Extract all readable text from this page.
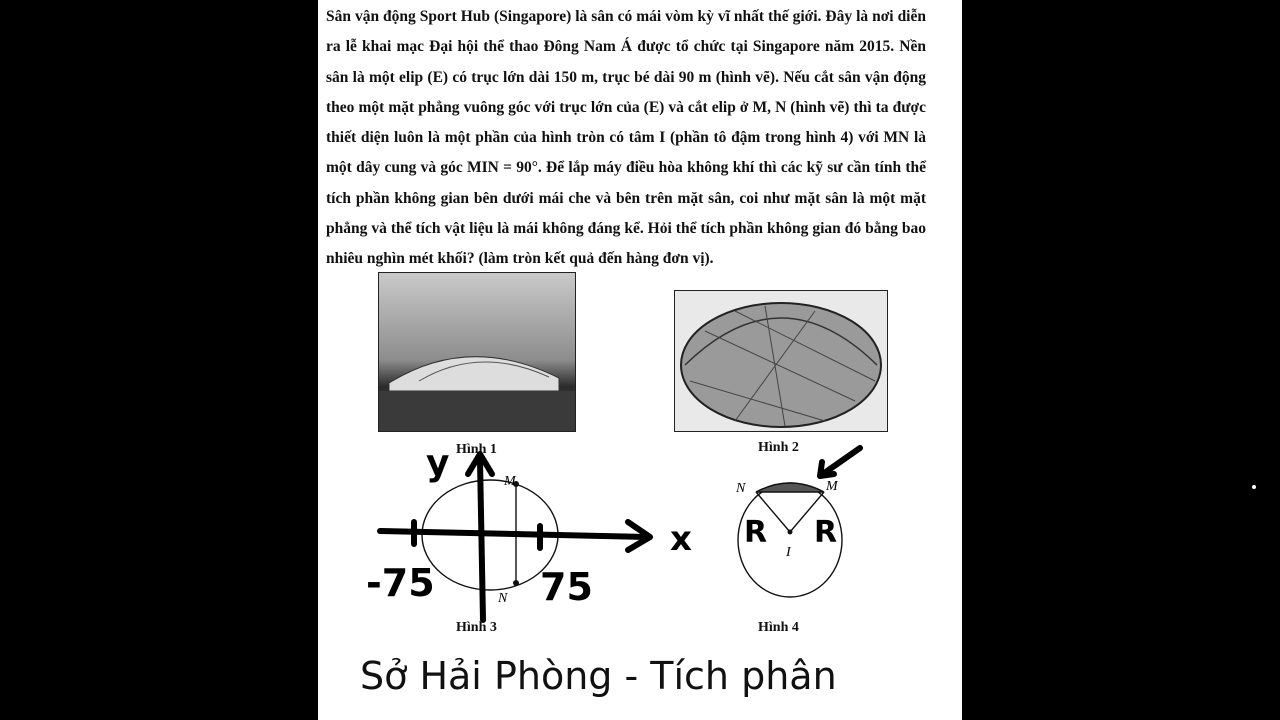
Sân vận động Sport Hub (Singapore) là sân có mái vòm kỳ vĩ nhất thế giới. Đây là nơi diễn ra lễ khai mạc Đại hội thể thao Đông Nam Á được tổ chức tại Singapore năm 2015. Nền sân là một elip (E) có trục lớn dài 150 m, trục bé dài 90 m (hình vẽ). Nếu cắt sân vận động theo một mặt phẳng vuông góc với trục lớn của (E) và cắt elip ở M, N (hình vẽ) thì ta được thiết diện luôn là một phần của hình tròn có tâm I (phần tô đậm trong hình 4) với MN là một dây cung và góc MIN = 90°. Để lắp máy điều hòa không khí thì các kỹ sư cần tính thể tích phần không gian bên dưới mái che và bên trên mặt sân, coi như mặt sân là một mặt phẳng và thể tích vật liệu là mái không đáng kể. Hỏi thể tích phần không gian đó bằng bao nhiêu nghìn mét khối? (làm tròn kết quả đến hàng đơn vị).
Hình 1	Hình 2
M
N
y
x
-75	75
N	M
I
R R
Hình 3	Hình 4
Sở Hải Phòng - Tích phân
